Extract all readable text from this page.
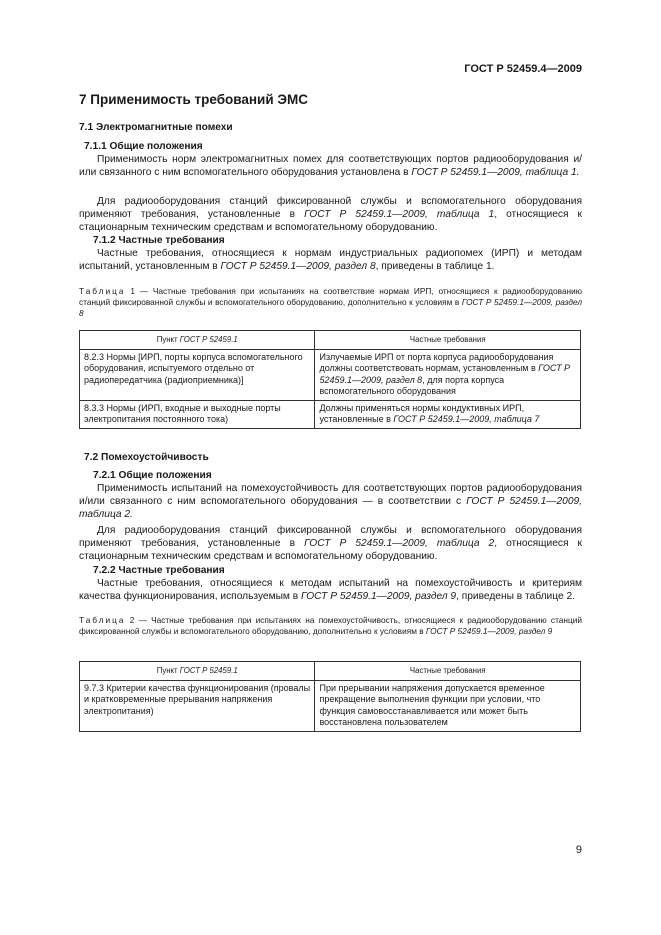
ГОСТ Р 52459.4—2009
7 Применимость требований ЭМС
7.1 Электромагнитные помехи
7.1.1 Общие положения

Применимость норм электромагнитных помех для соответствующих портов радиооборудования и/или связанного с ним вспомогательного оборудования установлена в ГОСТ Р 52459.1—2009, таблица 1.

Для радиооборудования станций фиксированной службы и вспомогательного оборудования применяют требования, установленные в ГОСТ Р 52459.1—2009, таблица 1, относящиеся к стационарным техническим средствам и вспомогательному оборудованию.

7.1.2 Частные требования

Частные требования, относящиеся к нормам индустриальных радиопомех (ИРП) и методам испытаний, установленным в ГОСТ Р 52459.1—2009, раздел 8, приведены в таблице 1.

Таблица 1 — Частные требования при испытаниях на соответствие нормам ИРП, относящиеся к радиооборудованию станций фиксированной службы и вспомогательного оборудованию, дополнительно к условиям в ГОСТ Р 52459.1—2009, раздел 8
Пункт ГОСТ Р 52459.1	Частные требования
8.2.3 Нормы [ИРП, порты корпуса вспомогательного оборудования, испытуемого отдельно от радиопередатчика (радиоприемника)]	Излучаемые ИРП от порта корпуса радиооборудования должны соответствовать нормам, установленным в ГОСТ Р 52459.1—2009, раздел 8, для порта корпуса вспомогательного оборудования
8.3.3 Нормы (ИРП, входные и выходные порты электропитания постоянного тока)	Должны применяться нормы кондуктивных ИРП, установленные в ГОСТ Р 52459.1—2009, таблица 7
7.2 Помехоустойчивость
7.2.1 Общие положения

Применимость испытаний на помехоустойчивость для соответствующих портов радиооборудования и/или связанного с ним вспомогательного оборудования — в соответствии с ГОСТ Р 52459.1—2009, таблица 2.

Для радиооборудования станций фиксированной службы и вспомогательного оборудования применяют требования, установленные в ГОСТ Р 52459.1—2009, таблица 2, относящиеся к стационарным техническим средствам и вспомогательному оборудованию.

7.2.2 Частные требования

Частные требования, относящиеся к методам испытаний на помехоустойчивость и критериям качества функционирования, используемым в ГОСТ Р 52459.1—2009, раздел 9, приведены в таблице 2.

Таблица 2 — Частные требования при испытаниях на помехоустойчивость, относящиеся к радиооборудованию станций фиксированной службы и вспомогательного оборудованию, дополнительно к условиям в ГОСТ Р 52459.1—2009, раздел 9
Пункт ГОСТ Р 52459.1	Частные требования
9.7.3 Критерии качества функционирования (провалы и кратковременные прерывания напряжения электропитания)	При прерывании напряжения допускается временное прекращение выполнения функции при условии, что функция самовосстанавливается или может быть восстановлена пользователем
9
